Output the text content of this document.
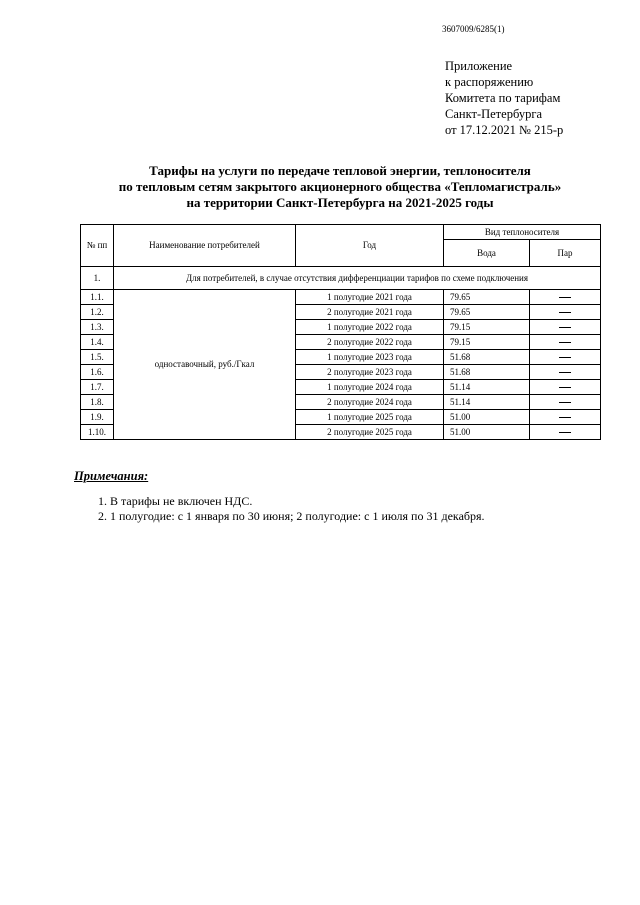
3607009/6285(1)
Приложение
к распоряжению
Комитета по тарифам
Санкт-Петербурга
от 17.12.2021 № 215-р
Тарифы на услуги по передаче тепловой энергии, теплоносителя
по тепловым сетям закрытого акционерного общества «Тепломагистраль»
на территории Санкт-Петербурга на 2021-2025 годы
№ пп	Наименование потребителей	Год	Вид теплоносителя	
			Вода	Пар
1.	Для потребителей, в случае отсутствия дифференциации тарифов по схеме подключения			
1.1.	одноставочный, руб./Гкал	1 полугодие 2021 года	79.65	
1.2.		2 полугодие 2021 года	79.65	
1.3.		1 полугодие 2022 года	79.15	
1.4.		2 полугодие 2022 года	79.15	
1.5.		1 полугодие 2023 года	51.68	
1.6.		2 полугодие 2023 года	51.68	
1.7.		1 полугодие 2024 года	51.14	
1.8.		2 полугодие 2024 года	51.14	
1.9.		1 полугодие 2025 года	51.00	
1.10.		2 полугодие 2025 года	51.00	
Примечания:
1. В тарифы не включен НДС.
2. 1 полугодие: с 1 января по 30 июня; 2 полугодие: с 1 июля по 31 декабря.
